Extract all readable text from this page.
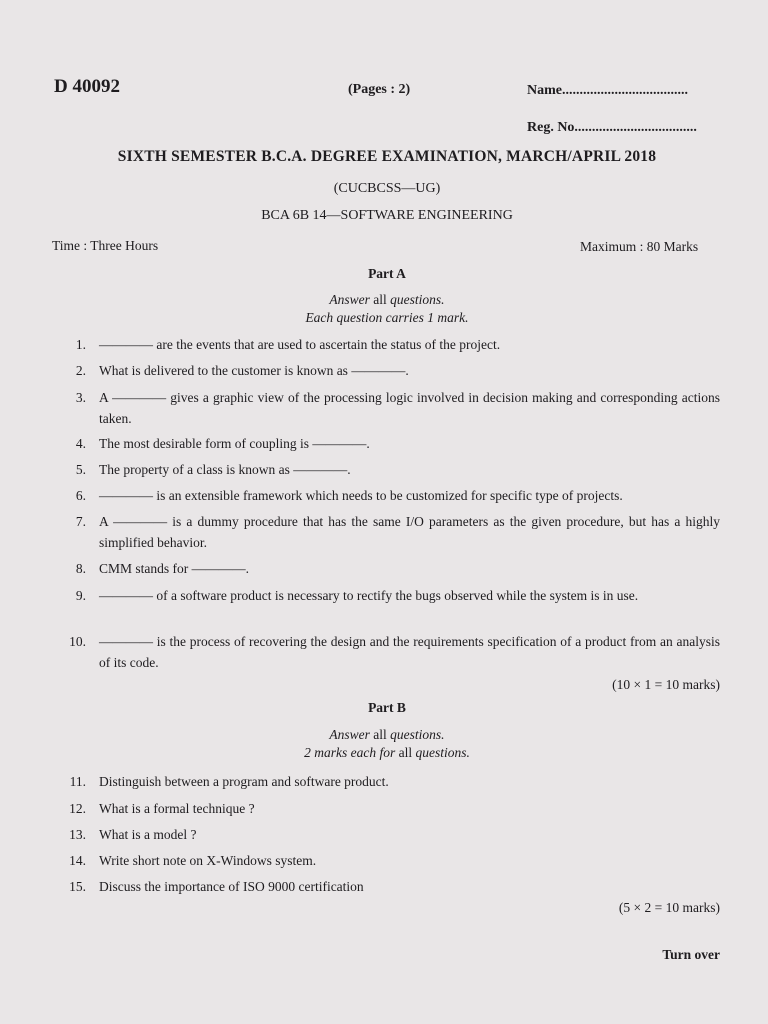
D 40092	(Pages : 2)	Name....................................
Reg. No...................................
SIXTH SEMESTER B.C.A. DEGREE EXAMINATION, MARCH/APRIL 2018
(CUCBCSS—UG)
BCA 6B 14—SOFTWARE ENGINEERING
Time : Three Hours	Maximum : 80 Marks
Part A
Answer all questions.
Each question carries 1 mark.
1. ———— are the events that are used to ascertain the status of the project.
2. What is delivered to the customer is known as ————.
3. A ———— gives a graphic view of the processing logic involved in decision making and corresponding actions taken.
4. The most desirable form of coupling is ————.
5. The property of a class is known as ————.
6. ———— is an extensible framework which needs to be customized for specific type of projects.
7. A ———— is a dummy procedure that has the same I/O parameters as the given procedure, but has a highly simplified behavior.
8. CMM stands for ————.
9. ———— of a software product is necessary to rectify the bugs observed while the system is in use.
10. ———— is the process of recovering the design and the requirements specification of a product from an analysis of its code.
(10 × 1 = 10 marks)
Part B
Answer all questions.
2 marks each for all questions.
11. Distinguish between a program and software product.
12. What is a formal technique ?
13. What is a model ?
14. Write short note on X-Windows system.
15. Discuss the importance of ISO 9000 certification
(5 × 2 = 10 marks)
Turn over
